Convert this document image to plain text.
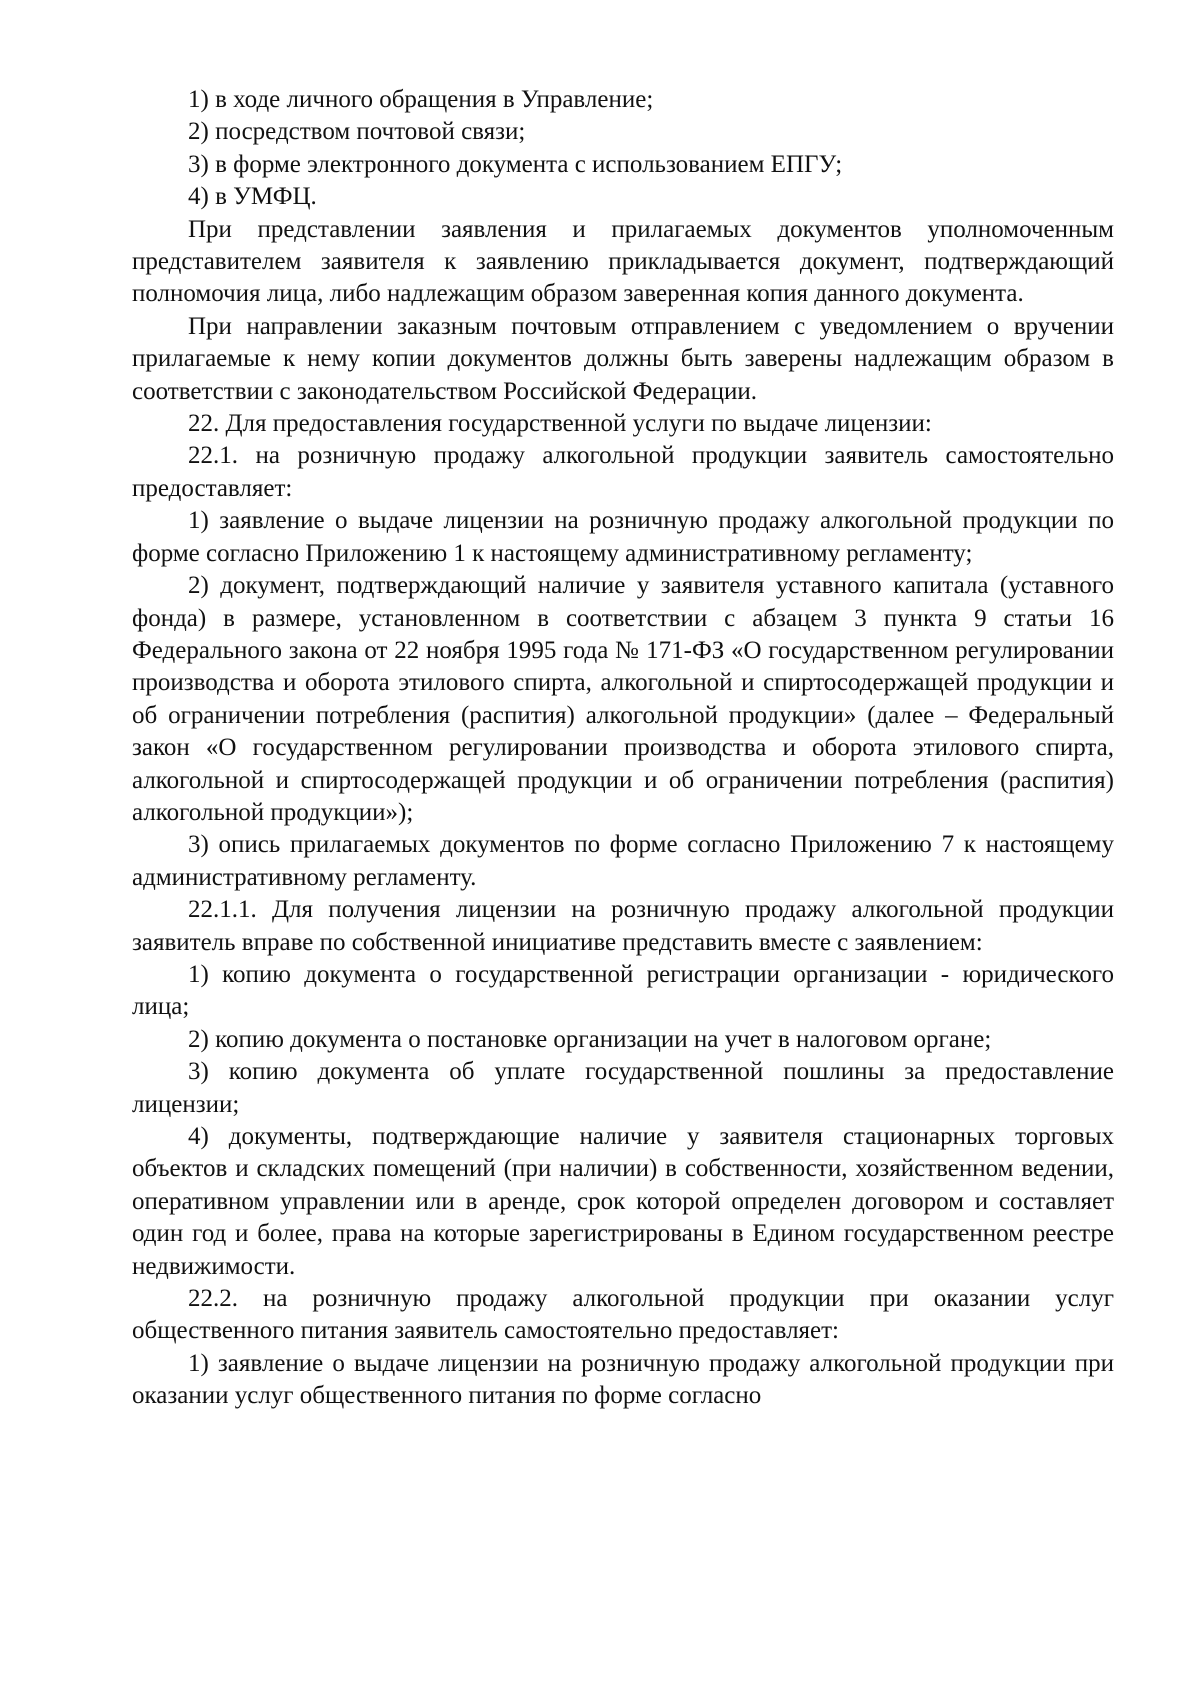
1) в ходе личного обращения в Управление;

2) посредством почтовой связи;

3) в форме электронного документа с использованием ЕПГУ;

4) в УМФЦ.

При представлении заявления и прилагаемых документов уполномоченным представителем заявителя к заявлению прикладывается документ, подтверждающий полномочия лица, либо надлежащим образом заверенная копия данного документа.

При направлении заказным почтовым отправлением с уведомлением о вручении прилагаемые к нему копии документов должны быть заверены надлежащим образом в соответствии с законодательством Российской Федерации.

22. Для предоставления государственной услуги по выдаче лицензии:

22.1. на розничную продажу алкогольной продукции заявитель самостоятельно предоставляет:

1) заявление о выдаче лицензии на розничную продажу алкогольной продукции по форме согласно Приложению 1 к настоящему административному регламенту;

2) документ, подтверждающий наличие у заявителя уставного капитала (уставного фонда) в размере, установленном в соответствии с абзацем 3 пункта 9 статьи 16 Федерального закона от 22 ноября 1995 года № 171-ФЗ «О государственном регулировании производства и оборота этилового спирта, алкогольной и спиртосодержащей продукции и об ограничении потребления (распития) алкогольной продукции» (далее – Федеральный закон «О государственном регулировании производства и оборота этилового спирта, алкогольной и спиртосодержащей продукции и об ограничении потребления (распития) алкогольной продукции»);

3) опись прилагаемых документов по форме согласно Приложению 7 к настоящему административному регламенту.

22.1.1. Для получения лицензии на розничную продажу алкогольной продукции заявитель вправе по собственной инициативе представить вместе с заявлением:

1) копию документа о государственной регистрации организации - юридического лица;

2) копию документа о постановке организации на учет в налоговом органе;

3) копию документа об уплате государственной пошлины за предоставление лицензии;

4) документы, подтверждающие наличие у заявителя стационарных торговых объектов и складских помещений (при наличии) в собственности, хозяйственном ведении, оперативном управлении или в аренде, срок которой определен договором и составляет один год и более, права на которые зарегистрированы в Едином государственном реестре недвижимости.

22.2. на розничную продажу алкогольной продукции при оказании услуг общественного питания заявитель самостоятельно предоставляет:

1) заявление о выдаче лицензии на розничную продажу алкогольной продукции при оказании услуг общественного питания по форме согласно
